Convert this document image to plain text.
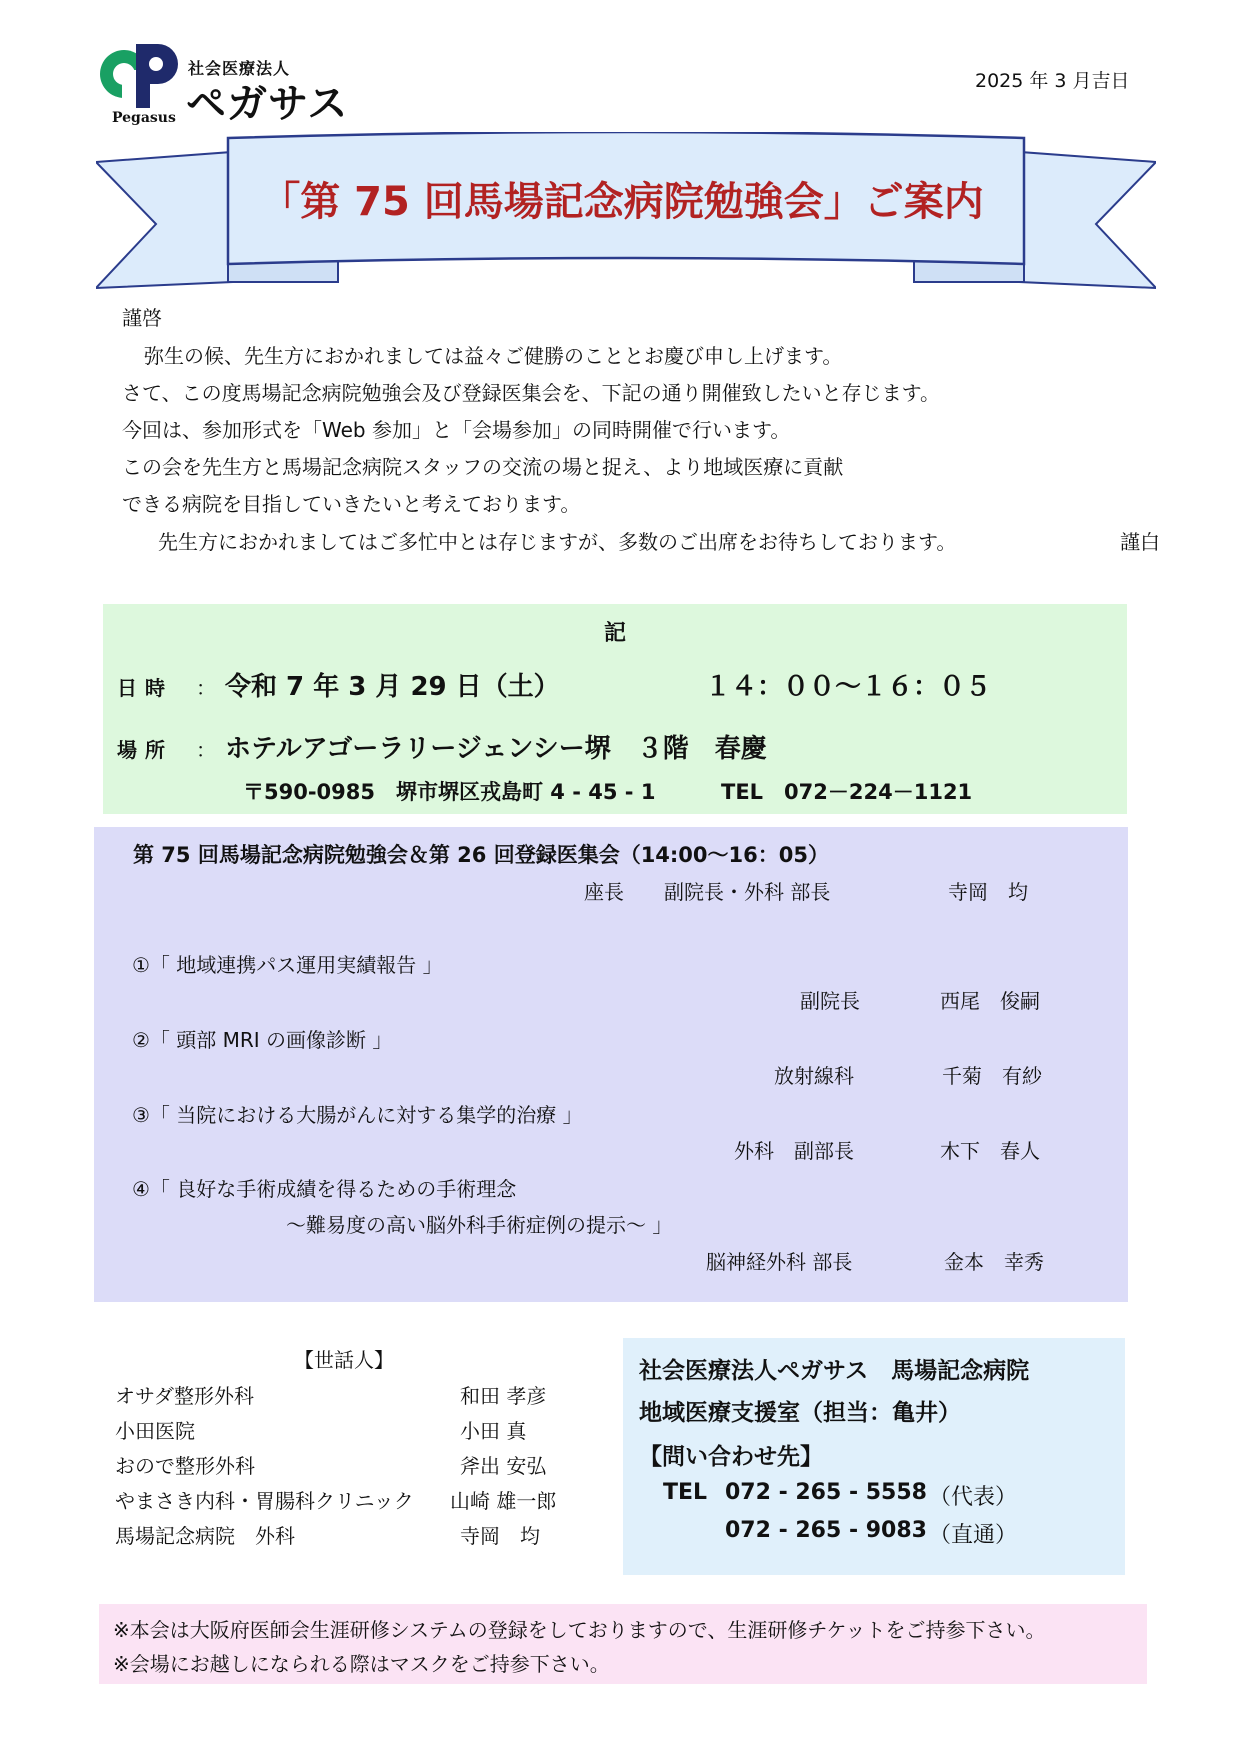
社会医療法人
ペガサス
Pegasus
2025 年 3 月吉日
「第 75 回馬場記念病院勉強会」ご案内
謹啓
弥生の候、先生方におかれましては益々ご健勝のこととお慶び申し上げます。
さて、この度馬場記念病院勉強会及び登録医集会を、下記の通り開催致したいと存じます。
今回は、参加形式を「Web 参加」と「会場参加」の同時開催で行います。
この会を先生方と馬場記念病院スタッフの交流の場と捉え、より地域医療に貢献
できる病院を目指していきたいと考えております。
先生方におかれましてはご多忙中とは存じますが、多数のご出席をお待ちしております。	謹白
記
日時 ： 令和 7 年 3 月 29 日（土）	１４：００〜１６：０５
場所 ： ホテルアゴーラリージェンシー堺　３階　春慶
〒590-0985　堺市堺区戎島町 4 - 45 - 1	TEL　072－224－1121
第 75 回馬場記念病院勉強会＆第 26 回登録医集会（14:00〜16：05）
座長　　副院長・外科 部長	寺岡　均
①「 地域連携パス運用実績報告 」
副院長	西尾　俊嗣
②「 頭部 MRI の画像診断 」
放射線科	千菊　有紗
③「 当院における大腸がんに対する集学的治療 」
外科　副部長	木下　春人
④「 良好な手術成績を得るための手術理念
〜難易度の高い脳外科手術症例の提示〜 」
脳神経外科 部長	金本　幸秀
【世話人】
オサダ整形外科	和田 孝彦
小田医院	小田 真
おので整形外科	斧出 安弘
やまさき内科・胃腸科クリニック 山崎 雄一郎
馬場記念病院　外科	寺岡　均
社会医療法人ペガサス　馬場記念病院
地域医療支援室（担当：亀井）
【問い合わせ先】
TEL 072 - 265 - 5558 （代表）
072 - 265 - 9083 （直通）
※本会は大阪府医師会生涯研修システムの登録をしておりますので、生涯研修チケットをご持参下さい。
※会場にお越しになられる際はマスクをご持参下さい。
